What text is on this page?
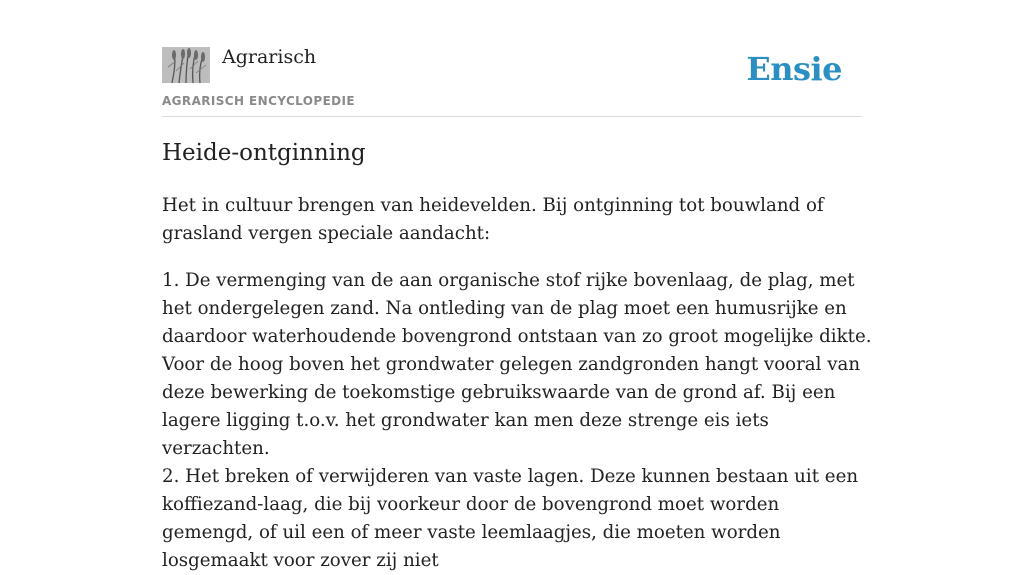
Agrarisch
AGRARISCH ENCYCLOPEDIE
Ensie
Heide-ontginning

Het in cultuur brengen van heidevelden. Bij ontginning tot bouwland of grasland vergen speciale aandacht:

1. De vermenging van de aan organische stof rijke bovenlaag, de plag, met het ondergelegen zand. Na ontleding van de plag moet een humusrijke en daardoor waterhoudende bovengrond ontstaan van zo groot mogelijke dikte. Voor de hoog boven het grondwater gelegen zandgronden hangt vooral van deze bewerking de toekomstige gebruikswaarde van de grond af. Bij een lagere ligging t.o.v. het grondwater kan men deze strenge eis iets verzachten.

2. Het breken of verwijderen van vaste lagen. Deze kunnen bestaan uit een koffiezand-laag, die bij voorkeur door de bovengrond moet worden gemengd, of uil een of meer vaste leemlaagjes, die moeten worden losgemaakt voor zover zij niet
